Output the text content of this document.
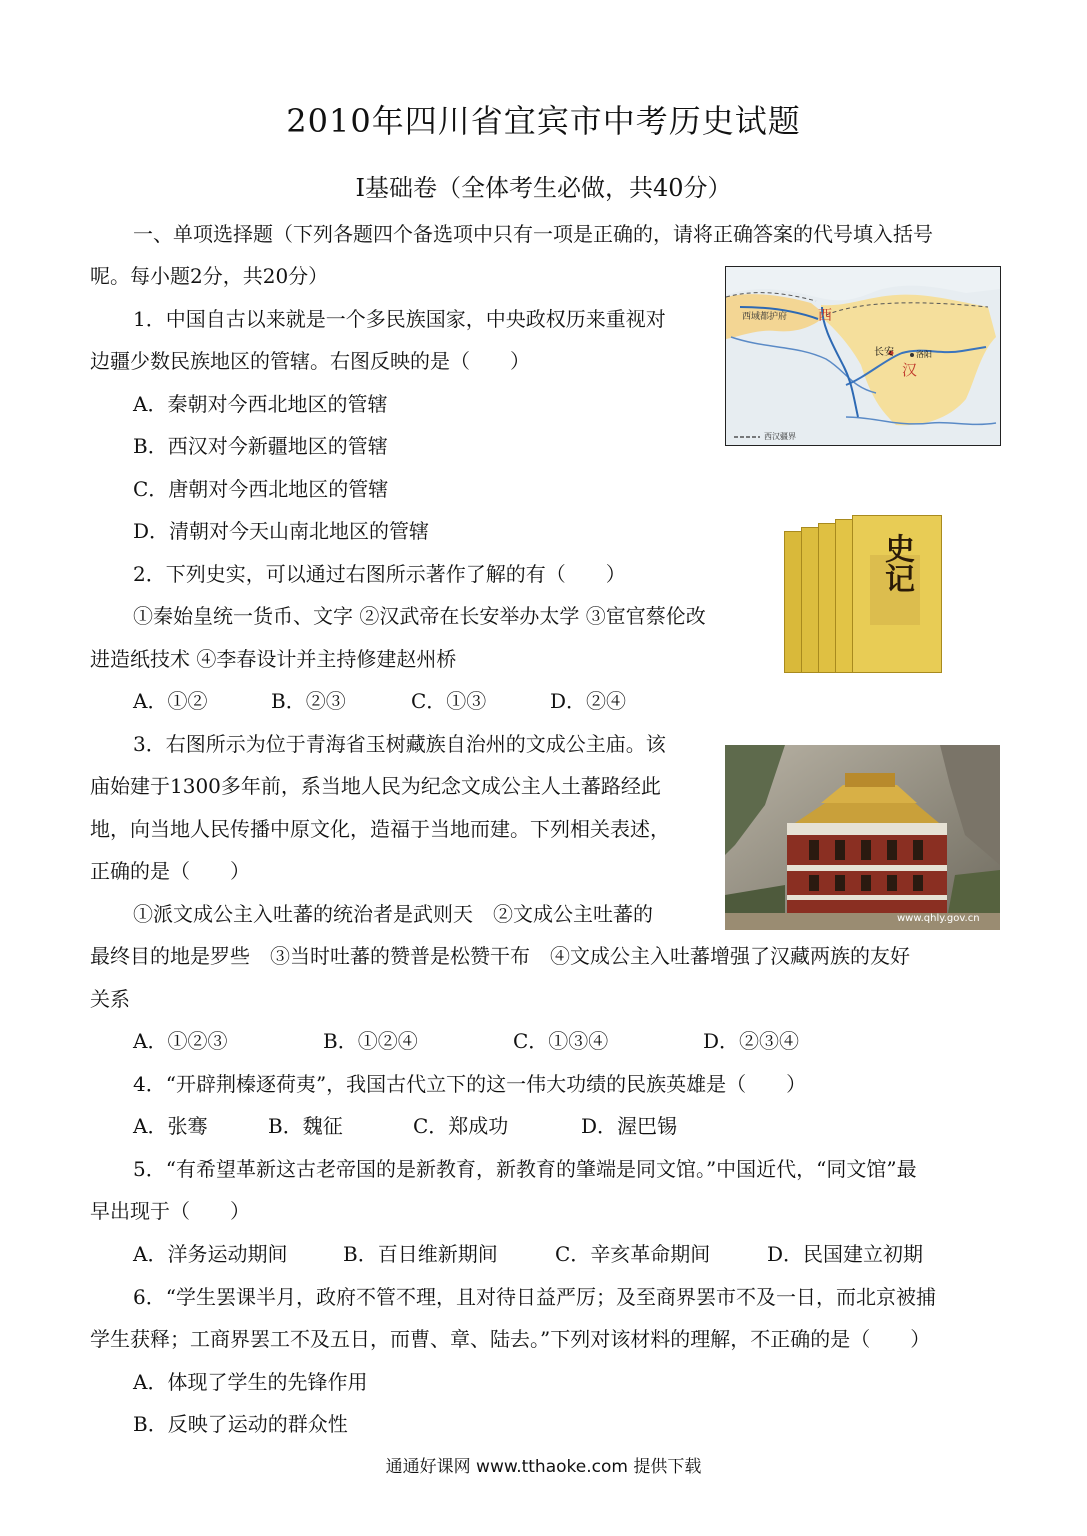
2010年四川省宜宾市中考历史试题
I基础卷（全体考生必做，共40分）
一、单项选择题（下列各题四个备选项中只有一项是正确的，请将正确答案的代号填入括号
呢。每小题2分，共20分）
1．中国自古以来就是一个多民族国家，中央政权历来重视对
边疆少数民族地区的管辖。右图反映的是（　　）
A．秦朝对今西北地区的管辖
B．西汉对今新疆地区的管辖
C．唐朝对今西北地区的管辖
D．清朝对今天山南北地区的管辖
西域都护府 西
长安	洛阳
汉
西汉疆界
2．下列史实，可以通过右图所示著作了解的有（　　）
①秦始皇统一货币、文字 ②汉武帝在长安举办太学 ③宦官蔡伦改
进造纸技术 ④李春设计并主持修建赵州桥
A．①②	B．②③	C．①③	D．②④
史记
3．右图所示为位于青海省玉树藏族自治州的文成公主庙。该
庙始建于1300多年前，系当地人民为纪念文成公主人土蕃路经此
地，向当地人民传播中原文化，造福于当地而建。下列相关表述，
正确的是（　　）
①派文成公主入吐蕃的统治者是武则天　②文成公主吐蕃的
最终目的地是罗些　③当时吐蕃的赞普是松赞干布　④文成公主入吐蕃增强了汉藏两族的友好
关系
A．①②③	B．①②④	C．①③④	D．②③④
www.qhly.gov.cn
4．“开辟荆榛逐荷夷”，我国古代立下的这一伟大功绩的民族英雄是（　　）
A．张骞	B．魏征	C．郑成功	D．渥巴锡
5．“有希望革新这古老帝国的是新教育，新教育的肇端是同文馆。”中国近代，“同文馆”最
早出现于（　　）
A．洋务运动期间	B．百日维新期间	C．辛亥革命期间	D．民国建立初期
6．“学生罢课半月，政府不管不理，且对待日益严厉；及至商界罢市不及一日，而北京被捕
学生获释；工商界罢工不及五日，而曹、章、陆去。”下列对该材料的理解，不正确的是（　　）
A．体现了学生的先锋作用
B．反映了运动的群众性
通通好课网 www.tthaoke.com 提供下载
